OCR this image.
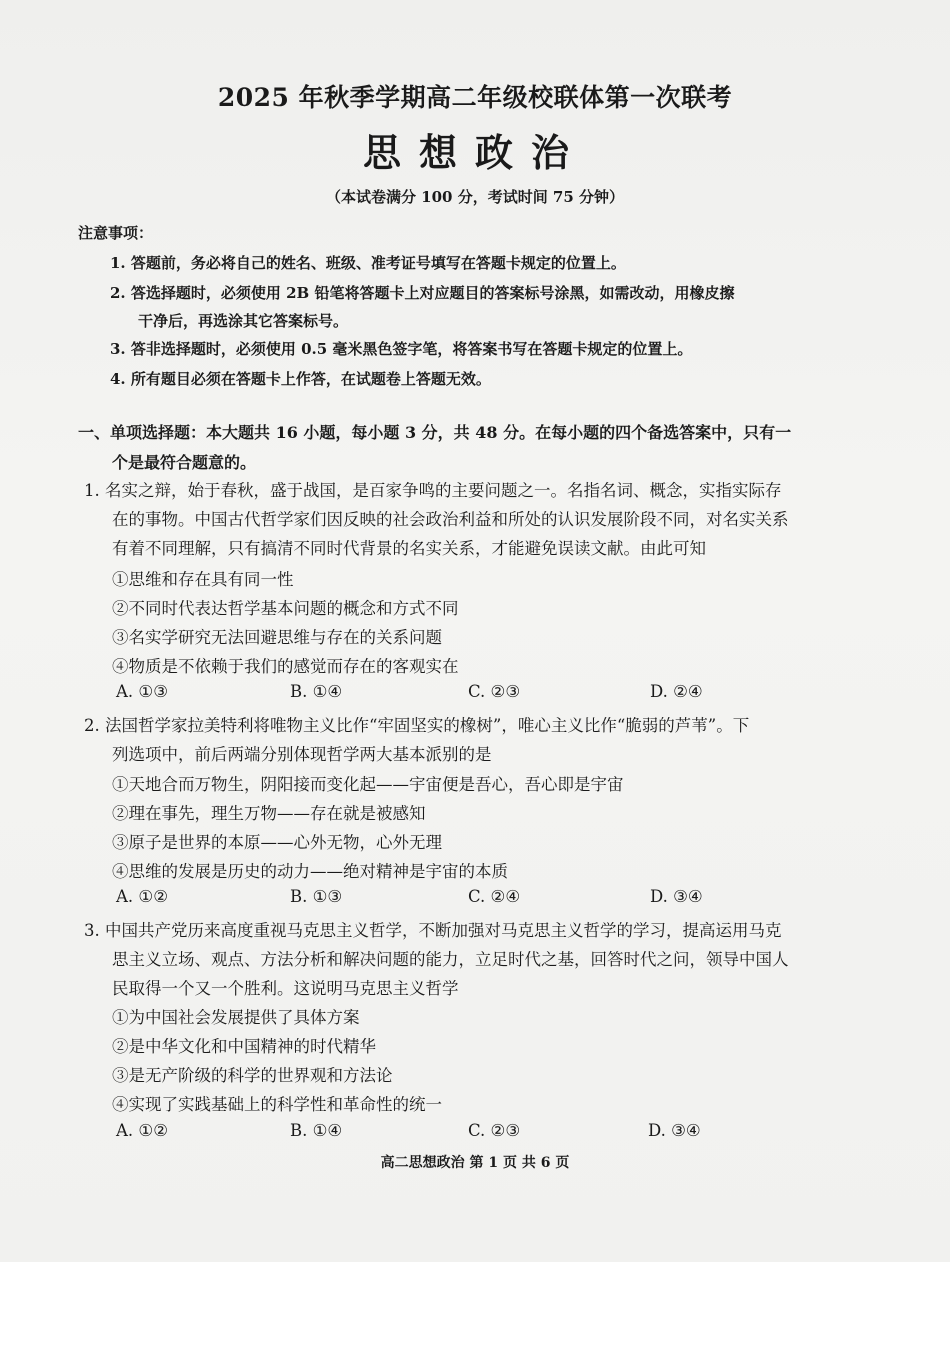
2025 年秋季学期高二年级校联体第一次联考
思想政治
（本试卷满分 100 分，考试时间 75 分钟）
注意事项：
1. 答题前，务必将自己的姓名、班级、准考证号填写在答题卡规定的位置上。
2. 答选择题时，必须使用 2B 铅笔将答题卡上对应题目的答案标号涂黑，如需改动，用橡皮擦
干净后，再选涂其它答案标号。
3. 答非选择题时，必须使用 0.5 毫米黑色签字笔，将答案书写在答题卡规定的位置上。
4. 所有题目必须在答题卡上作答，在试题卷上答题无效。
一、单项选择题：本大题共 16 小题，每小题 3 分，共 48 分。在每小题的四个备选答案中，只有一
个是最符合题意的。
1. 名实之辩，始于春秋，盛于战国，是百家争鸣的主要问题之一。名指名词、概念，实指实际存
在的事物。中国古代哲学家们因反映的社会政治利益和所处的认识发展阶段不同，对名实关系
有着不同理解，只有搞清不同时代背景的名实关系，才能避免误读文献。由此可知
①思维和存在具有同一性
②不同时代表达哲学基本问题的概念和方式不同
③名实学研究无法回避思维与存在的关系问题
④物质是不依赖于我们的感觉而存在的客观实在
A. ①③	B. ①④	C. ②③	D. ②④
2. 法国哲学家拉美特利将唯物主义比作“牢固坚实的橡树”，唯心主义比作“脆弱的芦苇”。下
列选项中，前后两端分别体现哲学两大基本派别的是
①天地合而万物生，阴阳接而变化起——宇宙便是吾心，吾心即是宇宙
②理在事先，理生万物——存在就是被感知
③原子是世界的本原——心外无物，心外无理
④思维的发展是历史的动力——绝对精神是宇宙的本质
A. ①②	B. ①③	C. ②④	D. ③④
3. 中国共产党历来高度重视马克思主义哲学，不断加强对马克思主义哲学的学习，提高运用马克
思主义立场、观点、方法分析和解决问题的能力，立足时代之基，回答时代之问，领导中国人
民取得一个又一个胜利。这说明马克思主义哲学
①为中国社会发展提供了具体方案
②是中华文化和中国精神的时代精华
③是无产阶级的科学的世界观和方法论
④实现了实践基础上的科学性和革命性的统一
A. ①②	B. ①④	C. ②③	D. ③④
高二思想政治 第 1 页 共 6 页
